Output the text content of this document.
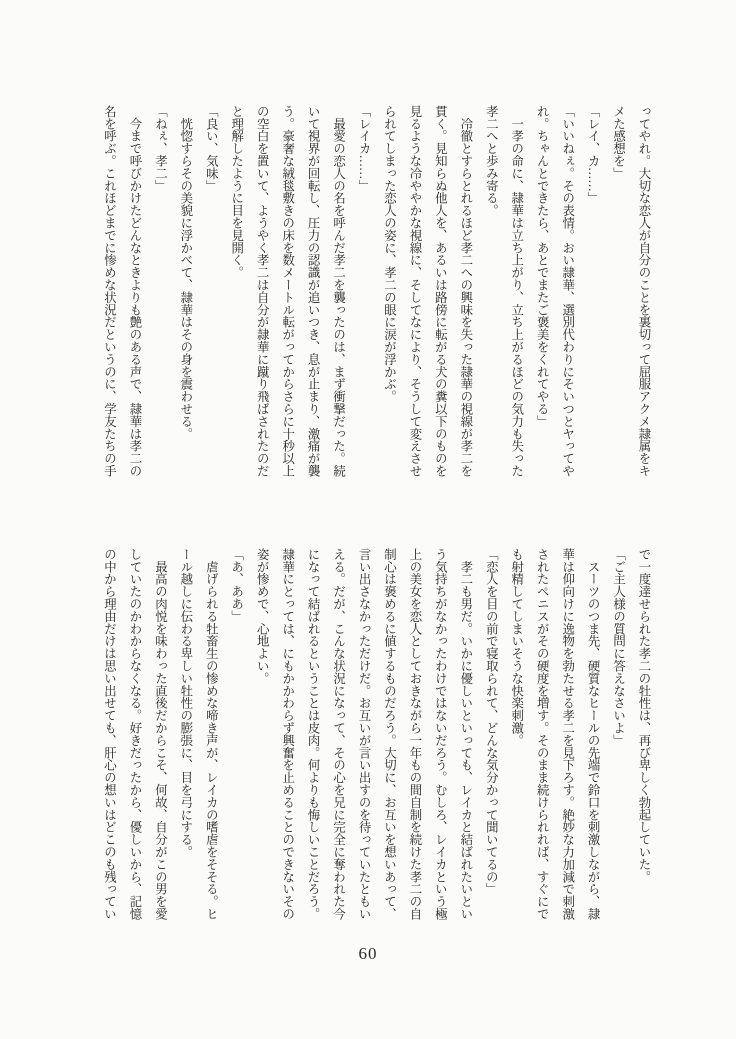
ってやれ。大切な恋人が自分のことを裏切って屈服アクメ隷属をキ
メた感想を」
「レイ、カ……」
「いいねぇ。その表情。おい隷華、選別代わりにそいつとヤってや
れ。ちゃんとできたら、あとでまたご褒美をくれてやる」
　一孝の命に、隷華は立ち上がり、立ち上がるほどの気力も失った
孝二へと歩み寄る。
　冷徹とすらとれるほど孝二への興味を失った隷華の視線が孝二を
貫く。見知らぬ他人を、あるいは路傍に転がる犬の糞以下のものを
見るような冷ややかな視線に、そしてなにより、そうして変えさせ
られてしまった恋人の姿に、孝二の眼に涙が浮かぶ。
「レイカ……」
　最愛の恋人の名を呼んだ孝二を襲ったのは、まず衝撃だった。続
いて視界が回転し、圧力の認識が追いつき、息が止まり、激痛が襲
う。豪奢な絨毯敷きの床を数メートル転がってからさらに十秒以上
の空白を置いて、ようやく孝二は自分が隷華に蹴り飛ばされたのだ
と理解したように目を見開く。
「良い、気味」
　恍惚すらその美貌に浮かべて、隷華はその身を震わせる。
「ねぇ、孝二」
　今まで呼びかけたどんなときよりも艶のある声で、隷華は孝二の
名を呼ぶ。これほどまでに惨めな状況だというのに、学友たちの手
で一度達せられた孝二の牡性は、再び卑しく勃起していた。
「ご主人様の質問に答えなさいよ」
　スーツのつま先、硬質なヒールの先端で鈴口を刺激しながら、隷
華は仰向けに逸物を勃たせる孝二を見下ろす。絶妙な力加減で刺激
されたペニスがその硬度を増す。そのまま続けられれば、すぐにで
も射精してしまいそうな快楽刺激。
「恋人を目の前で寝取られて、どんな気分かって聞いてるの」
　孝二も男だ。いかに優しいといっても、レイカと結ばれたいとい
う気持ちがなかったわけではないだろう。むしろ、レイカという極
上の美女を恋人としておきながら一年もの間自制を続けた孝二の自
制心は褒めるに値するものだろう。大切に、お互いを想いあって、
言い出さなかっただけだ。お互いが言い出すのを待っていたともい
える。だが、こんな状況になって、その心を兄に完全に奪われた今
になって結ばれるということは皮肉。何よりも悔しいことだろう。
隷華にとっては、にもかかわらず興奮を止めることのできないその
姿が惨めで、心地よい。
「あ、ああ」
　虐げられる牡畜生の惨めな啼き声が、レイカの嗜虐をそそる。ヒ
ール越しに伝わる卑しい牡性の膨張に、目を弓にする。
　最高の肉悦を味わった直後だからこそ、何故、自分がこの男を愛
していたのかわからなくなる。好きだったから、優しいから、記憶
の中から理由だけは思い出せても、肝心の想いはどこのも残ってい
60
